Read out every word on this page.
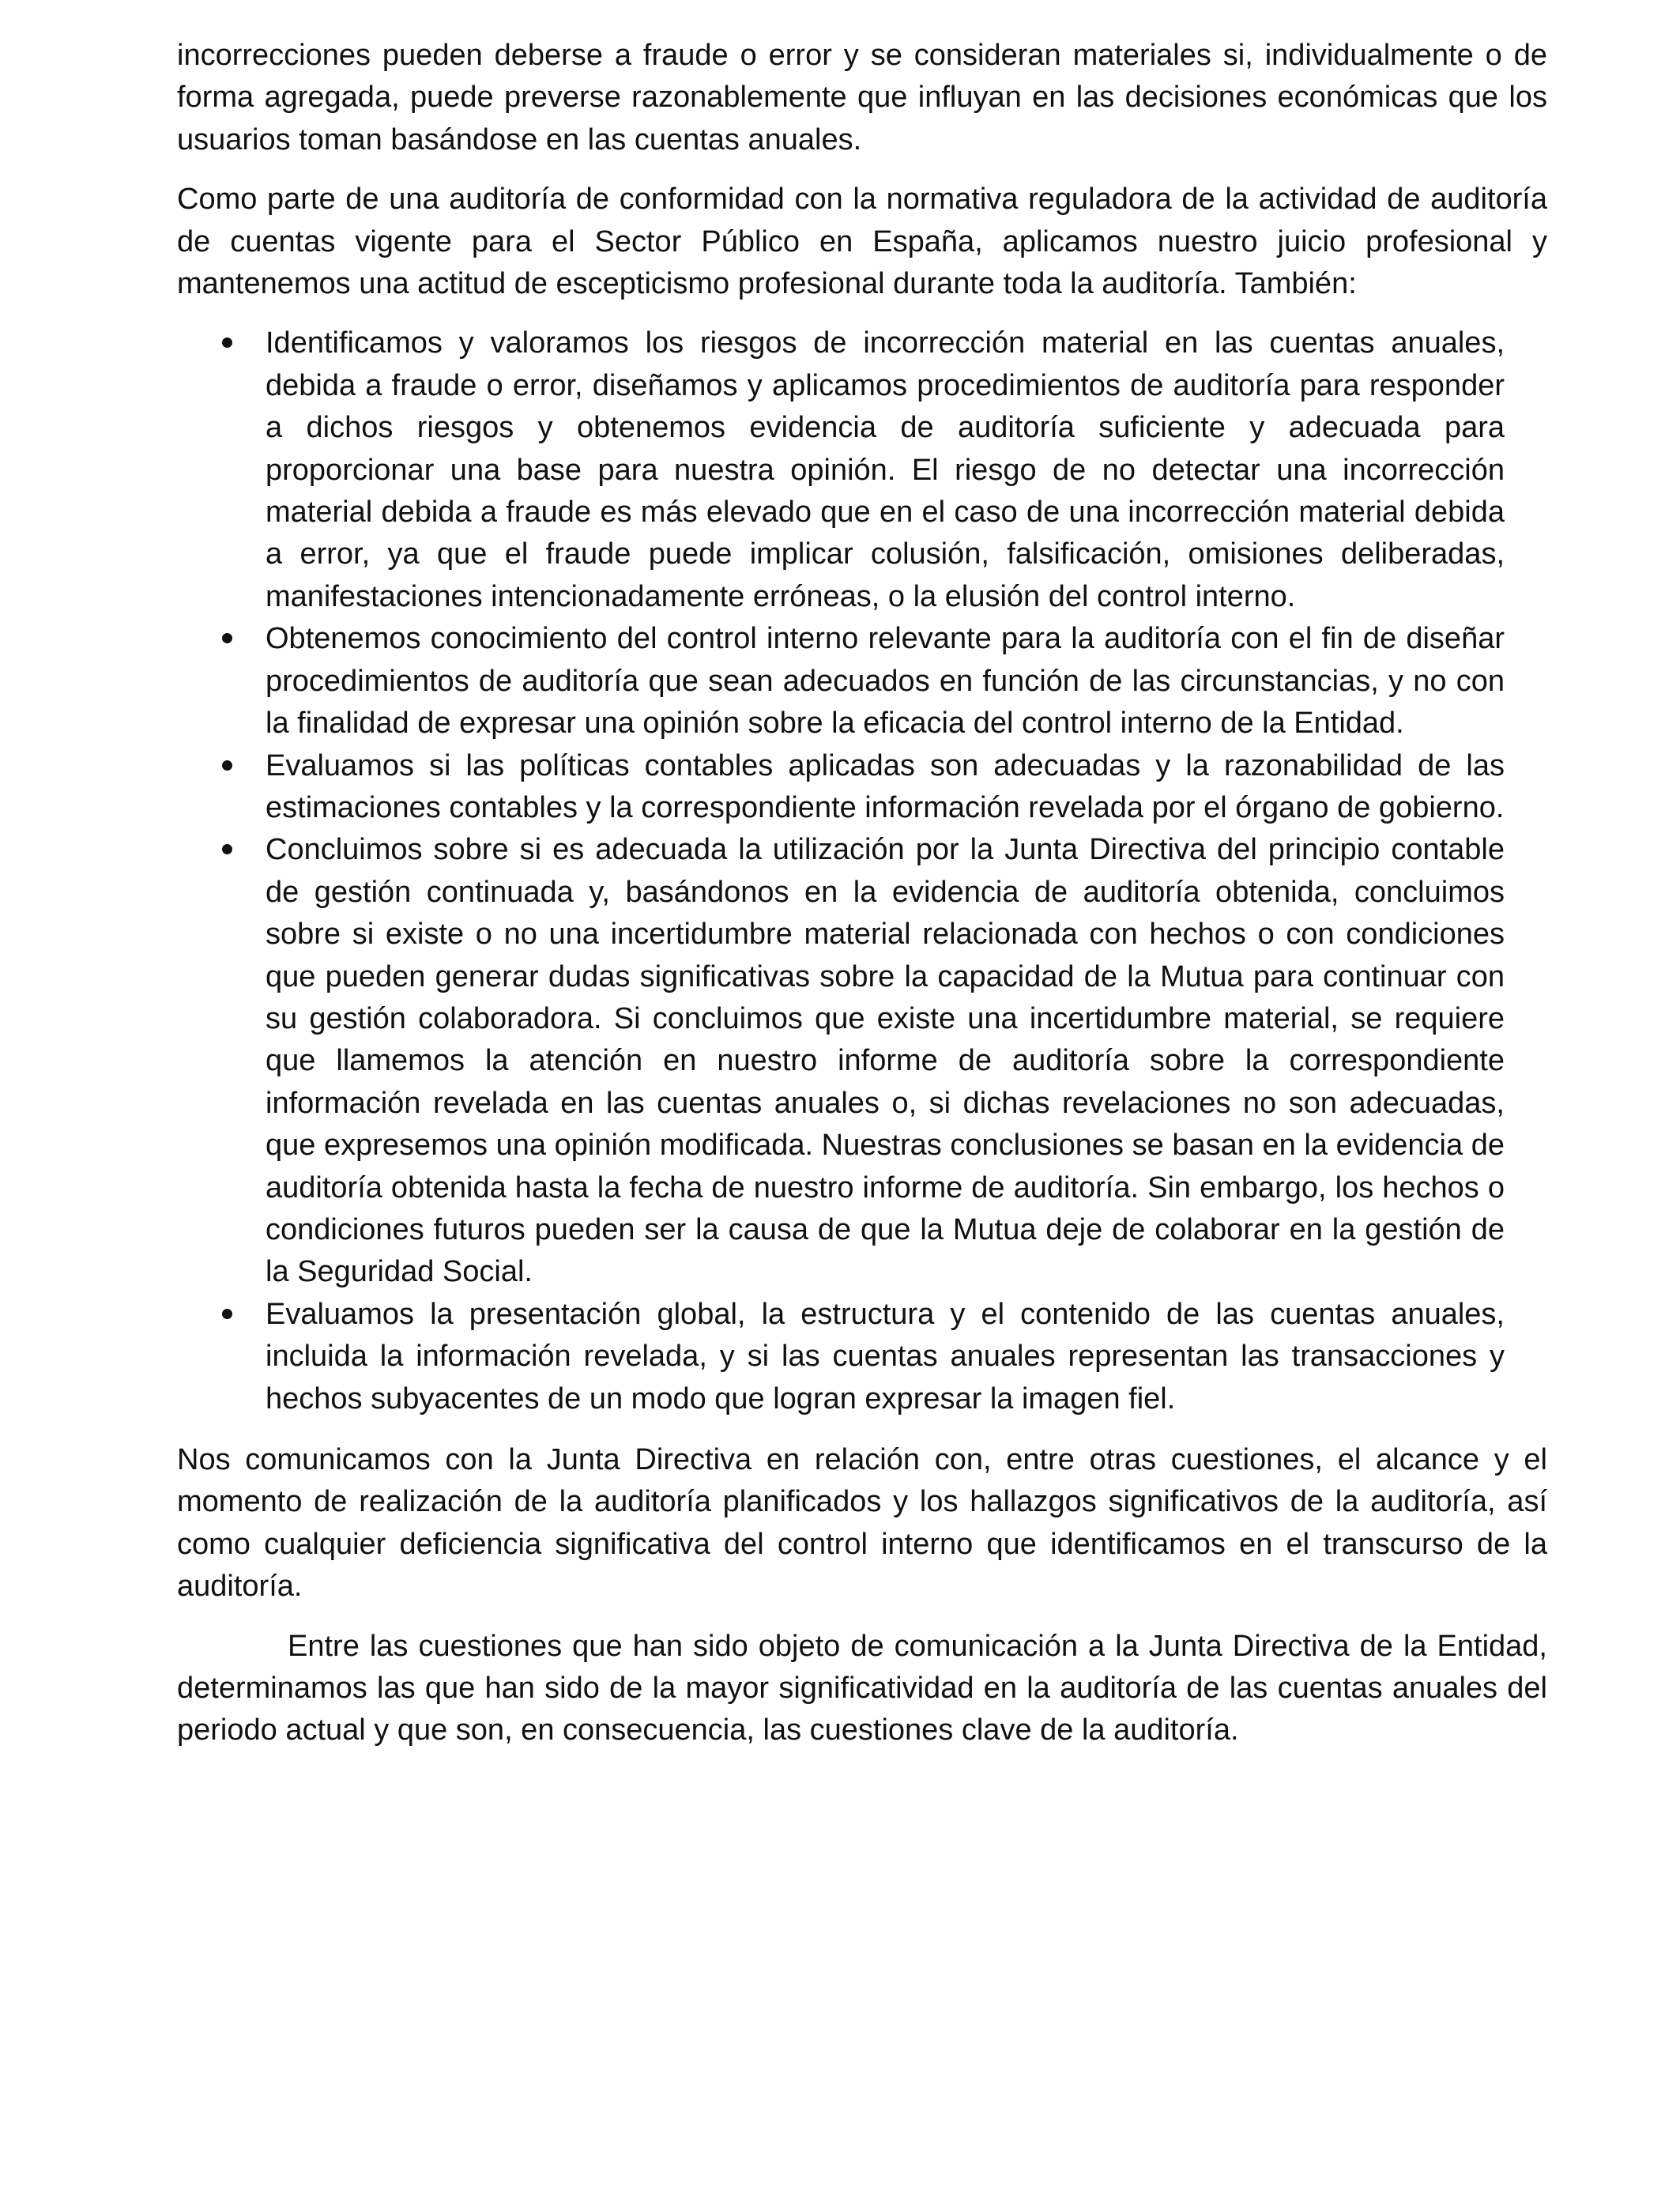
incorrecciones pueden deberse a fraude o error y se consideran materiales si, individualmente o de forma agregada, puede preverse razonablemente que influyan en las decisiones económicas que los usuarios toman basándose en las cuentas anuales.

Como parte de una auditoría de conformidad con la normativa reguladora de la actividad de auditoría de cuentas vigente para el Sector Público en España, aplicamos nuestro juicio profesional y mantenemos una actitud de escepticismo profesional durante toda la auditoría. También:

Identificamos y valoramos los riesgos de incorrección material en las cuentas anuales, debida a fraude o error, diseñamos y aplicamos procedimientos de auditoría para responder a dichos riesgos y obtenemos evidencia de auditoría suficiente y adecuada para proporcionar una base para nuestra opinión. El riesgo de no detectar una incorrección material debida a fraude es más elevado que en el caso de una incorrección material debida a error, ya que el fraude puede implicar colusión, falsificación, omisiones deliberadas, manifestaciones intencionadamente erróneas, o la elusión del control interno.
Obtenemos conocimiento del control interno relevante para la auditoría con el fin de diseñar procedimientos de auditoría que sean adecuados en función de las circunstancias, y no con la finalidad de expresar una opinión sobre la eficacia del control interno de la Entidad.
Evaluamos si las políticas contables aplicadas son adecuadas y la razonabilidad de las estimaciones contables y la correspondiente información revelada por el órgano de gobierno.
Concluimos sobre si es adecuada la utilización por la Junta Directiva del principio contable de gestión continuada y, basándonos en la evidencia de auditoría obtenida, concluimos sobre si existe o no una incertidumbre material relacionada con hechos o con condiciones que pueden generar dudas significativas sobre la capacidad de la Mutua para continuar con su gestión colaboradora. Si concluimos que existe una incertidumbre material, se requiere que llamemos la atención en nuestro informe de auditoría sobre la correspondiente información revelada en las cuentas anuales o, si dichas revelaciones no son adecuadas, que expresemos una opinión modificada. Nuestras conclusiones se basan en la evidencia de auditoría obtenida hasta la fecha de nuestro informe de auditoría. Sin embargo, los hechos o condiciones futuros pueden ser la causa de que la Mutua deje de colaborar en la gestión de la Seguridad Social.
Evaluamos la presentación global, la estructura y el contenido de las cuentas anuales, incluida la información revelada, y si las cuentas anuales representan las transacciones y hechos subyacentes de un modo que logran expresar la imagen fiel.

Nos comunicamos con la Junta Directiva en relación con, entre otras cuestiones, el alcance y el momento de realización de la auditoría planificados y los hallazgos significativos de la auditoría, así como cualquier deficiencia significativa del control interno que identificamos en el transcurso de la auditoría.

Entre las cuestiones que han sido objeto de comunicación a la Junta Directiva de la Entidad, determinamos las que han sido de la mayor significatividad en la auditoría de las cuentas anuales del periodo actual y que son, en consecuencia, las cuestiones clave de la auditoría.
